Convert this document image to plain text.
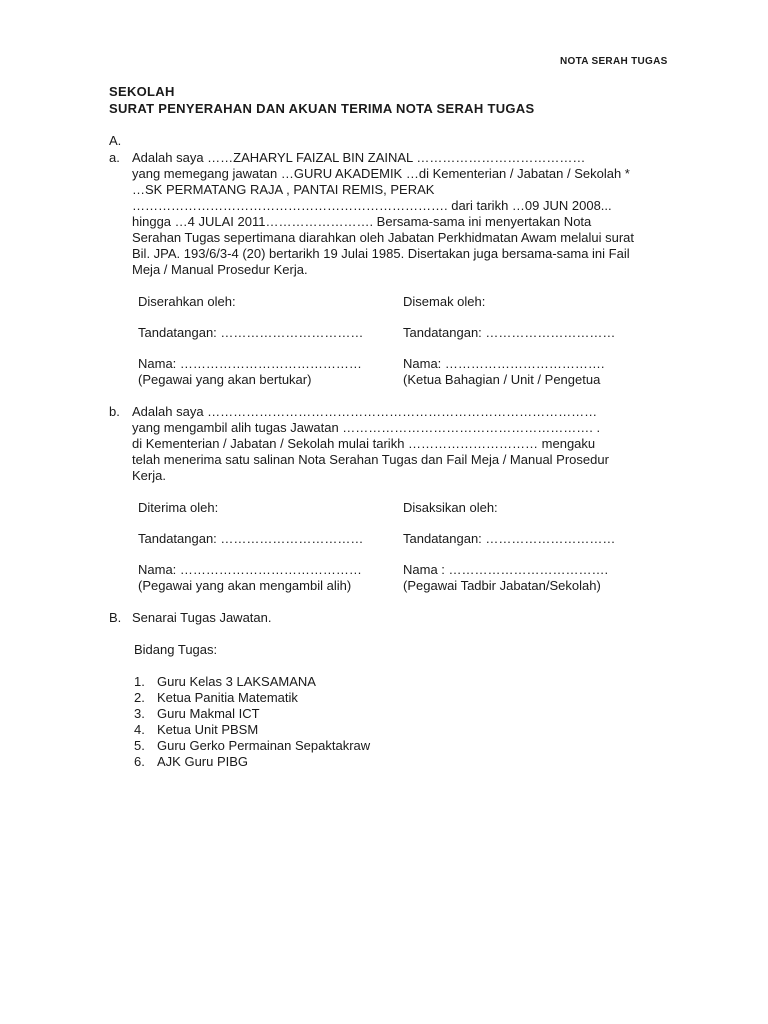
NOTA SERAH TUGAS
SEKOLAH
SURAT PENYERAHAN DAN AKUAN TERIMA NOTA SERAH TUGAS
A.
a. Adalah saya ……ZAHARYL FAIZAL BIN ZAINAL …………………………………
yang memegang jawatan …GURU AKADEMIK …di Kementerian / Jabatan / Sekolah *
…SK PERMATANG RAJA , PANTAI REMIS, PERAK
………………………………………………………………. dari tarikh …09 JUN 2008...
hingga …4 JULAI 2011……………………. Bersama-sama ini menyertakan Nota
Serahan Tugas sepertimana diarahkan oleh Jabatan Perkhidmatan Awam melalui surat
Bil. JPA. 193/6/3-4 (20) bertarikh 19 Julai 1985. Disertakan juga bersama-sama ini Fail
Meja / Manual Prosedur Kerja.
Diserahkan oleh:	Disemak oleh:
Tandatangan: ……………………………	Tandatangan: …………………………
Nama: ……………………………………	Nama: ……………………………….
(Pegawai yang akan bertukar)	(Ketua Bahagian / Unit / Pengetua
b. Adalah saya ………………………………………………………………………………
yang mengambil alih tugas Jawatan …………………………………………………. .
di Kementerian / Jabatan / Sekolah mulai tarikh ………………………… mengaku
telah menerima satu salinan Nota Serahan Tugas dan Fail Meja / Manual Prosedur
Kerja.
Diterima oleh:	Disaksikan oleh:
Tandatangan: ……………………………	Tandatangan: …………………………
Nama: ……………………………………	Nama : ……………………………….
(Pegawai yang akan mengambil alih)	(Pegawai Tadbir Jabatan/Sekolah)
B. Senarai Tugas Jawatan.
Bidang Tugas:
1. Guru Kelas 3 LAKSAMANA
2. Ketua Panitia Matematik
3. Guru Makmal ICT
4. Ketua Unit PBSM
5. Guru Gerko Permainan Sepaktakraw
6. AJK Guru PIBG
